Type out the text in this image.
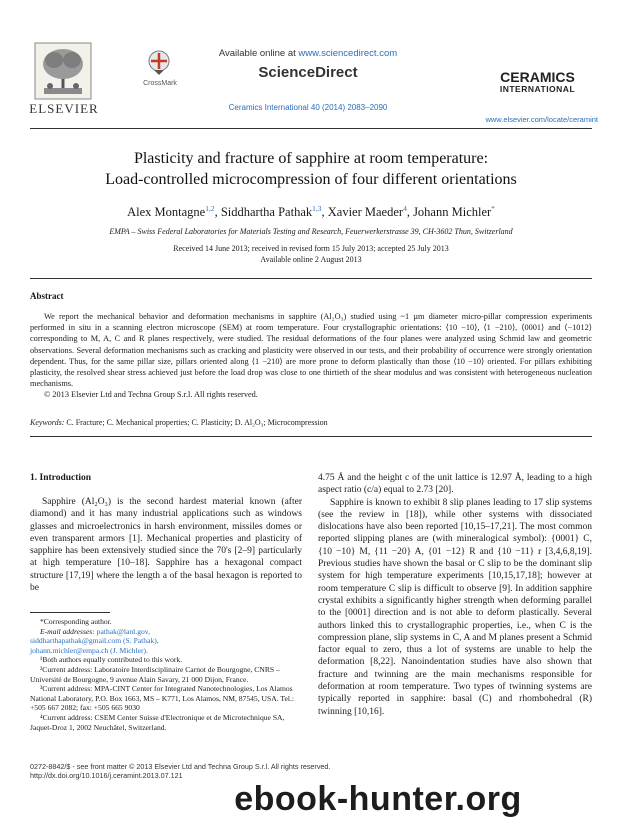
ELSEVIER
CrossMark
Available online at www.sciencedirect.com
ScienceDirect
Ceramics International 40 (2014) 2083–2090
CERAMICS
INTERNATIONAL
www.elsevier.com/locate/ceramint
Plasticity and fracture of sapphire at room temperature:
Load-controlled microcompression of four different orientations
Alex Montagne$^{1,2}$, Siddhartha Pathak$^{1,3}$, Xavier Maeder$^4$, Johann Michler*
EMPA – Swiss Federal Laboratories for Materials Testing and Research, Feuerwerkerstrasse 39, CH-3602 Thun, Switzerland
Received 14 June 2013; received in revised form 15 July 2013; accepted 25 July 2013
Available online 2 August 2013
Abstract

We report the mechanical behavior and deformation mechanisms in sapphire (Al₂O₃) studied using ~1 µm diameter micro-pillar compression experiments performed in situ in a scanning electron microscope (SEM) at room temperature. Four crystallographic orientations: ⟨10 −10⟩, ⟨1 −210⟩, ⟨0001⟩ and ⟨−1012⟩ corresponding to M, A, C and R planes respectively, were studied. The residual deformations of the four planes were analyzed using Schmid law and geometric observations. Several deformation mechanisms such as cracking and plasticity were observed in our tests, and their probability of occurrence were strongly orientation dependent. Thus, for the same pillar size, pillars oriented along ⟨1 −210⟩ are more prone to deform plastically than those ⟨10 −10⟩ oriented. For pillars exhibiting plasticity, the resolved shear stress achieved just before the load drop was close to one thirtieth of the shear modulus and was consistent with heterogeneous nucleation mechanisms.

© 2013 Elsevier Ltd and Techna Group S.r.l. All rights reserved.

Keywords: C. Fracture; C. Mechanical properties; C. Plasticity; D. Al₂O₃; Microcompression
1. Introduction

Sapphire (Al₂O₃) is the second hardest material known (after diamond) and it has many industrial applications such as windows glasses and microelectronics in harsh environment, missiles domes or even transparent armors [1]. Mechanical properties and plasticity of sapphire has been extensively studied since the 70's [2–9] particularly at high temperature [10–18]. Sapphire has a hexagonal compact structure [17,19] where the length a of the basal hexagon is reported to be

4.75 Å and the height c of the unit lattice is 12.97 Å, leading to a high aspect ratio (c/a) equal to 2.73 [20].

Sapphire is known to exhibit 8 slip planes leading to 17 slip systems (see the review in [18]), while other systems with dissociated dislocations have also been reported [10,15–17,21]. The most common reported slipping planes are (with mineralogical symbol): {0001} C, {10 −10} M, {11 −20} A, {01 −12} R and {10 −11} r [3,4,6,8,19]. Previous studies have shown the basal or C slip to be the dominant slip system for high temperature experiments [10,15,17,18]; however at room temperature C slip is difficult to observe [9]. In addition sapphire crystal exhibits a significantly higher strength when deforming parallel to the [0001] direction and is not able to deform plastically. Several authors linked this to crystallographic properties, i.e., when C is the compression plane, slip systems in C, A and M planes present a Schmid factor equal to zero, thus a lot of systems are unable to help the deformation [8,22]. Nanoindentation studies have also shown that fracture and twinning are the main mechanisms responsible for deformation at room temperature. Two types of twinning systems are typically reported in sapphire: basal (C) and rhombohedral (R) twinning [10,16].

*Corresponding author.

E-mail addresses: pathak@lanl.gov,
siddharthapathak@gmail.com (S. Pathak),
johann.michler@empa.ch (J. Michler).

¹Both authors equally contributed to this work.

²Current address: Laboratoire Interdisciplinaire Carnot de Bourgogne, CNRS – Université de Bourgogne, 9 avenue Alain Savary, 21 000 Dijon, France.

³Current address: MPA-CINT Center for Integrated Nanotechnologies, Los Alamos National Laboratory, P.O. Box 1663, MS – K771, Los Alamos, NM, 87545, USA. Tel.: +505 667 2082; fax: +505 665 9030

⁴Current address: CSEM Center Suisse d'Electronique et de Microtechnique SA, Jaquet-Droz 1, 2002 Neuchâtel, Switzerland.

0272-8842/$ - see front matter © 2013 Elsevier Ltd and Techna Group S.r.l. All rights reserved.
http://dx.doi.org/10.1016/j.ceramint.2013.07.121
ebook-hunter.org
